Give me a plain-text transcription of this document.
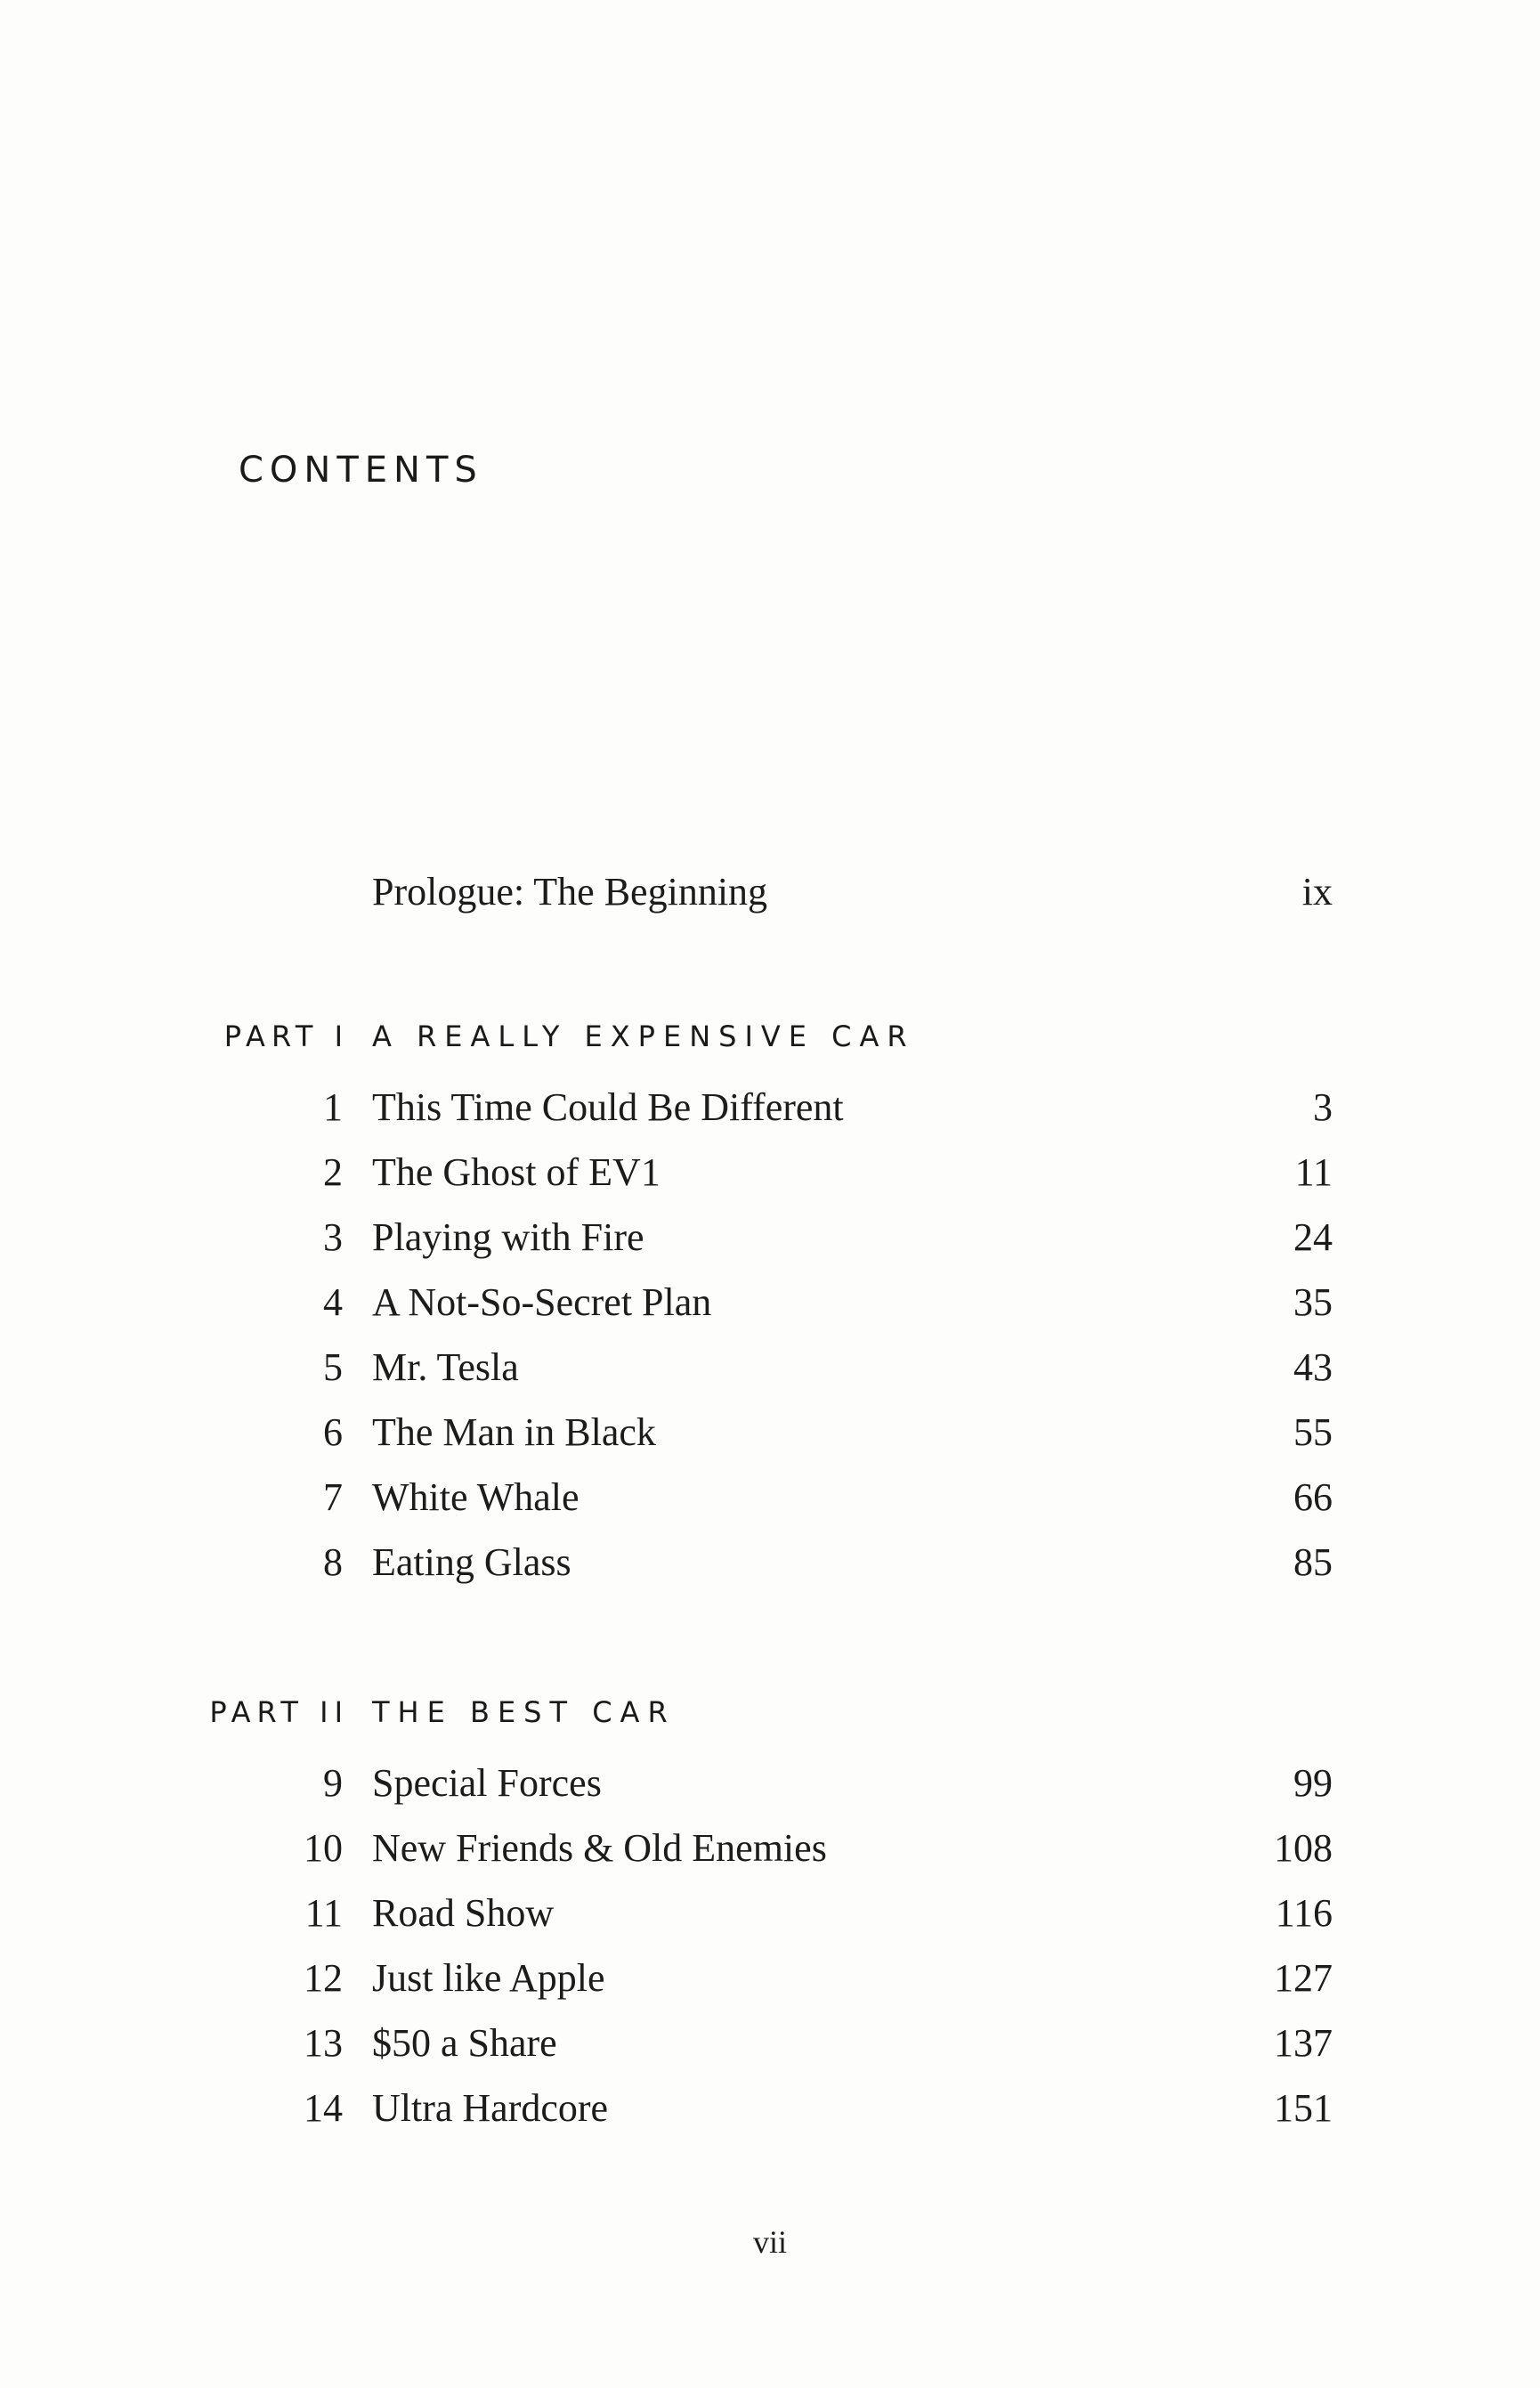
CONTENTS
Prologue: The Beginning	ix
PART I A REALLY EXPENSIVE CAR
1 This Time Could Be Different	3
2 The Ghost of EV1	11
3 Playing with Fire	24
4 A Not-So-Secret Plan	35
5 Mr. Tesla	43
6 The Man in Black	55
7 White Whale	66
8 Eating Glass	85
PART II THE BEST CAR
9 Special Forces	99
10 New Friends & Old Enemies	108
11 Road Show	116
12 Just like Apple	127
13 $50 a Share	137
14 Ultra Hardcore	151
vii
